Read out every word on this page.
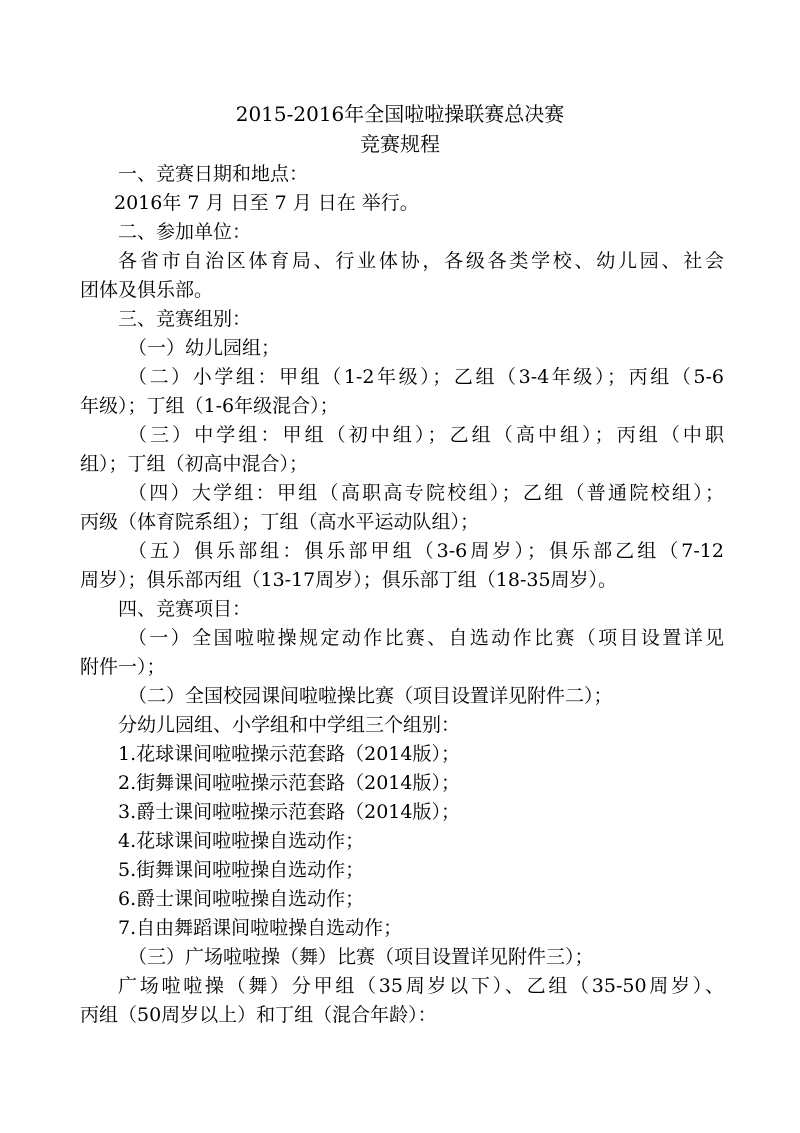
2015-2016年全国啦啦操联赛总决赛
竞赛规程
一、竞赛日期和地点：
2016年 7 月 日至 7 月 日在 举行。
二、参加单位：
各省市自治区体育局、行业体协，各级各类学校、幼儿园、社会
团体及俱乐部。
三、竞赛组别：
（一）幼儿园组；
（二）小学组：甲组（1-2年级）；乙组（3-4年级）；丙组（5-6
年级）；丁组（1-6年级混合）；
（三）中学组：甲组（初中组）；乙组（高中组）；丙组（中职
组）；丁组（初高中混合）；
（四）大学组：甲组（高职高专院校组）；乙组（普通院校组）；
丙级（体育院系组）；丁组（高水平运动队组）；
（五）俱乐部组：俱乐部甲组（3-6周岁）；俱乐部乙组（7-12
周岁）；俱乐部丙组（13-17周岁）；俱乐部丁组（18-35周岁）。
四、竞赛项目：
（一）全国啦啦操规定动作比赛、自选动作比赛（项目设置详见
附件一）；
（二）全国校园课间啦啦操比赛（项目设置详见附件二）；
分幼儿园组、小学组和中学组三个组别：
1.花球课间啦啦操示范套路（2014版）；
2.街舞课间啦啦操示范套路（2014版）；
3.爵士课间啦啦操示范套路（2014版）；
4.花球课间啦啦操自选动作；
5.街舞课间啦啦操自选动作；
6.爵士课间啦啦操自选动作；
7.自由舞蹈课间啦啦操自选动作；
（三）广场啦啦操（舞）比赛（项目设置详见附件三）；
广场啦啦操（舞）分甲组（35周岁以下）、乙组（35-50周岁）、
丙组（50周岁以上）和丁组（混合年龄）：
